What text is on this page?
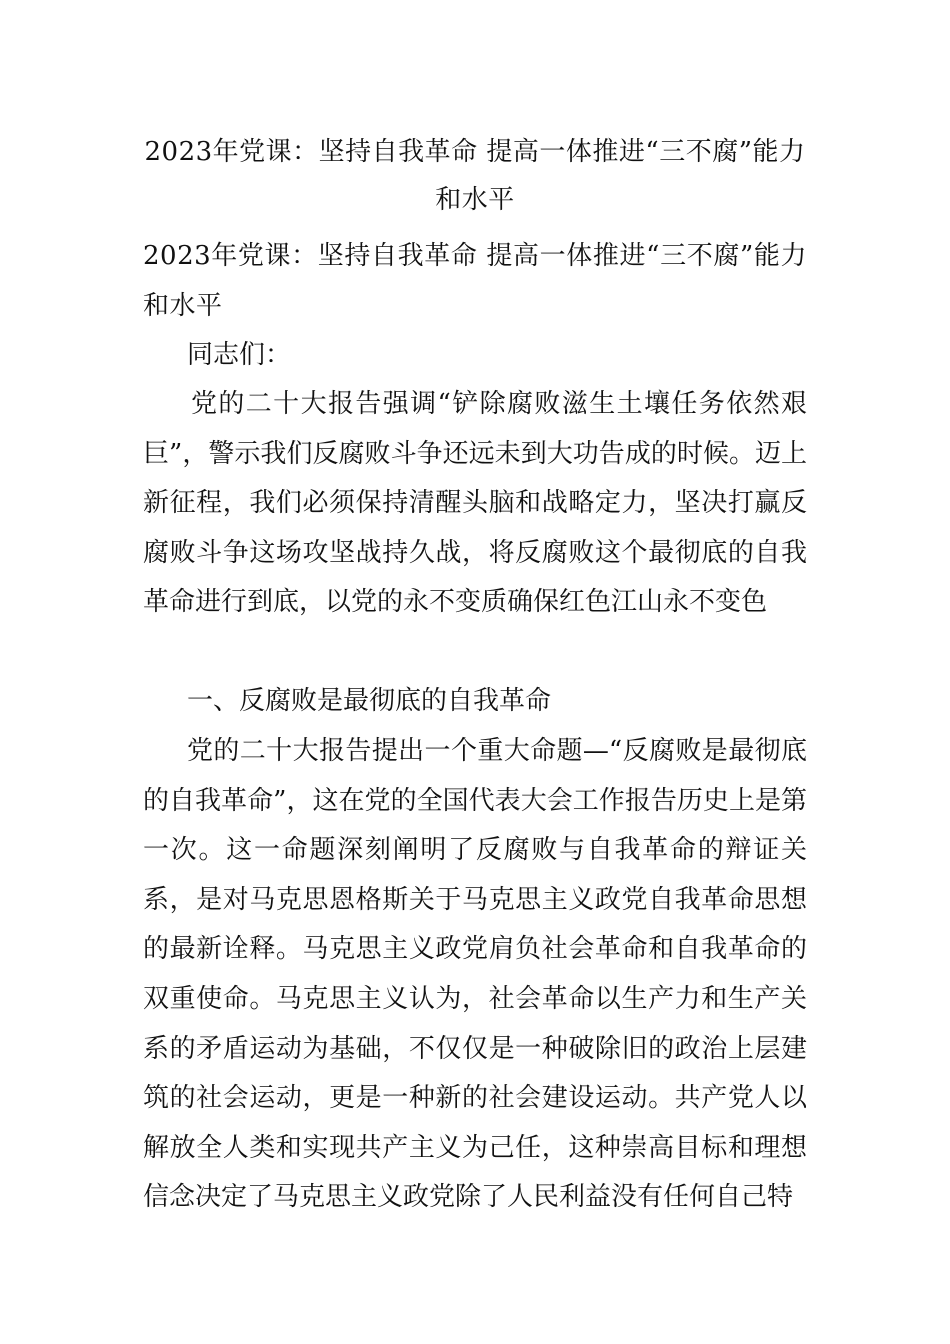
2023年党课：坚持自我革命 提高一体推进“三不腐”能力和水平

2023年党课：坚持自我革命 提高一体推进“三不腐”能力和水平

同志们：

党的二十大报告强调“铲除腐败滋生土壤任务依然艰巨”，警示我们反腐败斗争还远未到大功告成的时候。迈上新征程，我们必须保持清醒头脑和战略定力，坚决打赢反腐败斗争这场攻坚战持久战，将反腐败这个最彻底的自我革命进行到底，以党的永不变质确保红色江山永不变色

一、反腐败是最彻底的自我革命

党的二十大报告提出一个重大命题—“反腐败是最彻底的自我革命”，这在党的全国代表大会工作报告历史上是第一次。这一命题深刻阐明了反腐败与自我革命的辩证关系，是对马克思恩格斯关于马克思主义政党自我革命思想的最新诠释。马克思主义政党肩负社会革命和自我革命的双重使命。马克思主义认为，社会革命以生产力和生产关系的矛盾运动为基础，不仅仅是一种破除旧的政治上层建筑的社会运动，更是一种新的社会建设运动。共产党人以解放全人类和实现共产主义为己任，这种崇高目标和理想信念决定了马克思主义政党除了人民利益没有任何自己特
